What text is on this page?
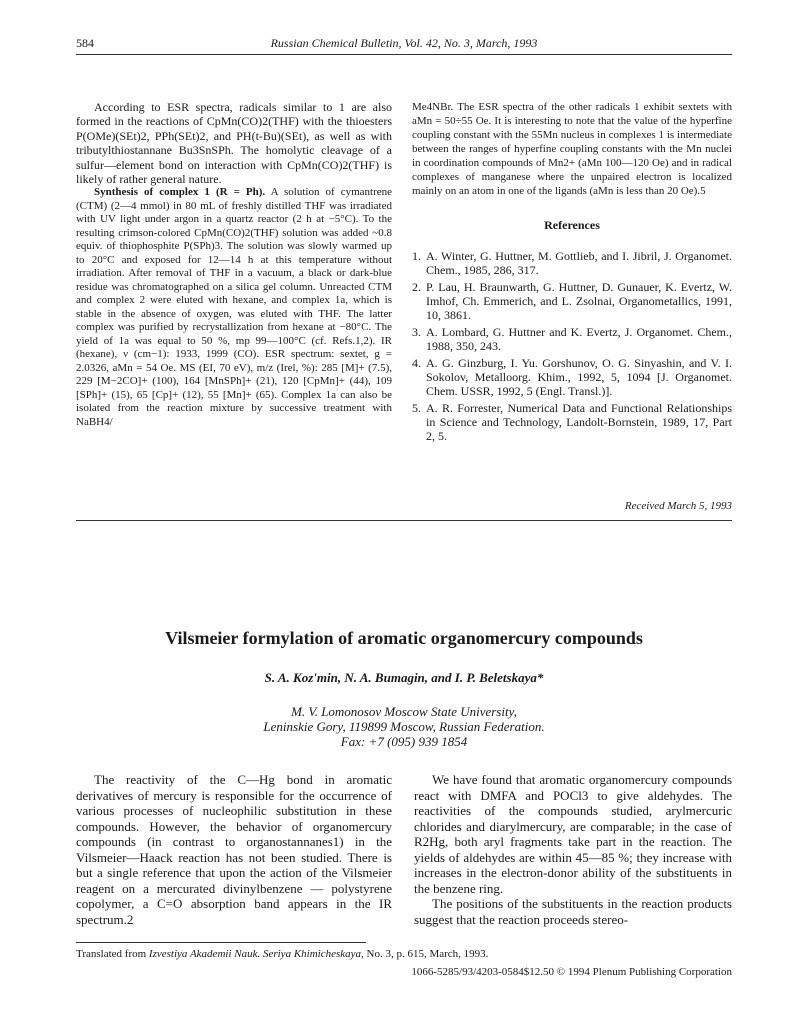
584	Russian Chemical Bulletin, Vol. 42, No. 3, March, 1993

According to ESR spectra, radicals similar to 1 are also formed in the reactions of CpMn(CO)2(THF) with the thioesters P(OMe)(SEt)2, PPh(SEt)2, and PH(t-Bu)(SEt), as well as with tributylthiostannane Bu3SnSPh. The homolytic cleavage of a sulfur—element bond on interaction with CpMn(CO)2(THF) is likely of rather general nature.

Synthesis of complex 1 (R = Ph). A solution of cymantrene (CTM) (2—4 mmol) in 80 mL of freshly distilled THF was irradiated with UV light under argon in a quartz reactor (2 h at −5°C). To the resulting crimson-colored CpMn(CO)2(THF) solution was added ~0.8 equiv. of thiophosphite P(SPh)3. The solution was slowly warmed up to 20°C and exposed for 12—14 h at this temperature without irradiation. After removal of THF in a vacuum, a black or dark-blue residue was chromatographed on a silica gel column. Unreacted CTM and complex 2 were eluted with hexane, and complex 1a, which is stable in the absence of oxygen, was eluted with THF. The latter complex was purified by recrystallization from hexane at −80°C. The yield of 1a was equal to 50 %, mp 99—100°C (cf. Refs.1,2). IR (hexane), ν (cm−1): 1933, 1999 (CO). ESR spectrum: sextet, g = 2.0326, aMn = 54 Oe. MS (EI, 70 eV), m/z (Irel, %): 285 [M]+ (7.5), 229 [M−2CO]+ (100), 164 [MnSPh]+ (21), 120 [CpMn]+ (44), 109 [SPh]+ (15), 65 [Cp]+ (12), 55 [Mn]+ (65). Complex 1a can also be isolated from the reaction mixture by successive treatment with NaBH4/

Me4NBr. The ESR spectra of the other radicals 1 exhibit sextets with aMn = 50÷55 Oe. It is interesting to note that the value of the hyperfine coupling constant with the 55Mn nucleus in complexes 1 is intermediate between the ranges of hyperfine coupling constants with the Mn nuclei in coordination compounds of Mn2+ (aMn 100—120 Oe) and in radical complexes of manganese where the unpaired electron is localized mainly on an atom in one of the ligands (aMn is less than 20 Oe).5

References
1. A. Winter, G. Huttner, M. Gottlieb, and I. Jibril, J. Organomet. Chem., 1985, 286, 317.
2. P. Lau, H. Braunwarth, G. Huttner, D. Gunauer, K. Evertz, W. Imhof, Ch. Emmerich, and L. Zsolnai, Organometallics, 1991, 10, 3861.
3. A. Lombard, G. Huttner and K. Evertz, J. Organomet. Chem., 1988, 350, 243.
4. A. G. Ginzburg, I. Yu. Gorshunov, O. G. Sinyashin, and V. I. Sokolov, Metalloorg. Khim., 1992, 5, 1094 [J. Organomet. Chem. USSR, 1992, 5 (Engl. Transl.)].
5. A. R. Forrester, Numerical Data and Functional Relationships in Science and Technology, Landolt-Bornstein, 1989, 17, Part 2, 5.
Received March 5, 1993
Vilsmeier formylation of aromatic organomercury compounds
S. A. Koz'min, N. A. Bumagin, and I. P. Beletskaya*
M. V. Lomonosov Moscow State University,
Leninskie Gory, 119899 Moscow, Russian Federation.
Fax: +7 (095) 939 1854

The reactivity of the C—Hg bond in aromatic derivatives of mercury is responsible for the occurrence of various processes of nucleophilic substitution in these compounds. However, the behavior of organomercury compounds (in contrast to organostannanes1) in the Vilsmeier—Haack reaction has not been studied. There is but a single reference that upon the action of the Vilsmeier reagent on a mercurated divinylbenzene — polystyrene copolymer, a C=O absorption band appears in the IR spectrum.2

We have found that aromatic organomercury compounds react with DMFA and POCl3 to give aldehydes. The reactivities of the compounds studied, arylmercuric chlorides and diarylmercury, are comparable; in the case of R2Hg, both aryl fragments take part in the reaction. The yields of aldehydes are within 45—85 %; they increase with increases in the electron-donor ability of the substituents in the benzene ring.

The positions of the substituents in the reaction products suggest that the reaction proceeds stereo-

Translated from Izvestiya Akademii Nauk. Seriya Khimicheskaya, No. 3, p. 615, March, 1993.
1066-5285/93/4203-0584$12.50 © 1994 Plenum Publishing Corporation
